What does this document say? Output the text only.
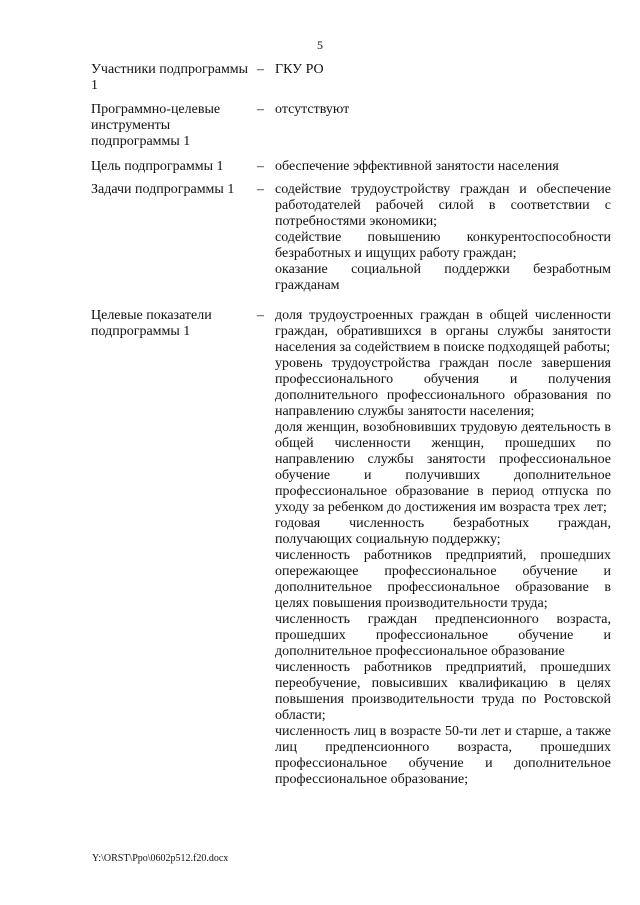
5
Участники подпрограммы 1
– ГКУ РО

Программно-целевые инструменты подпрограммы 1
– отсутствуют

Цель подпрограммы 1	– обеспечение эффективной занятости населения

Задачи подпрограммы 1	– содействие трудоустройству граждан и обеспечение работодателей рабочей силой в соответствии с потребностями экономики;

содействие повышению конкурентоспособности безработных и ищущих работу граждан;

оказание социальной поддержки безработным гражданам

Целевые показатели подпрограммы 1
– доля трудоустроенных граждан в общей численности граждан, обратившихся в органы службы занятости населения за содействием в поиске подходящей работы;

уровень трудоустройства граждан после завершения профессионального обучения и получения дополнительного профессионального образования по направлению службы занятости населения;

доля женщин, возобновивших трудовую деятельность в общей численности женщин, прошедших по направлению службы занятости профессиональное обучение и получивших дополнительное профессиональное образование в период отпуска по уходу за ребенком до достижения им возраста трех лет;

годовая численность безработных граждан, получающих социальную поддержку;

численность работников предприятий, прошедших опережающее профессиональное обучение и дополнительное профессиональное образование в целях повышения производительности труда;

численность граждан предпенсионного возраста, прошедших профессиональное обучение и дополнительное профессиональное образование

численность работников предприятий, прошедших переобучение, повысивших квалификацию в целях повышения производительности труда по Ростовской области;

численность лиц в возрасте 50-ти лет и старше, а также лиц предпенсионного возраста, прошедших профессиональное обучение и дополнительное профессиональное образование;

Y:\ORST\Ppo\0602p512.f20.docx
